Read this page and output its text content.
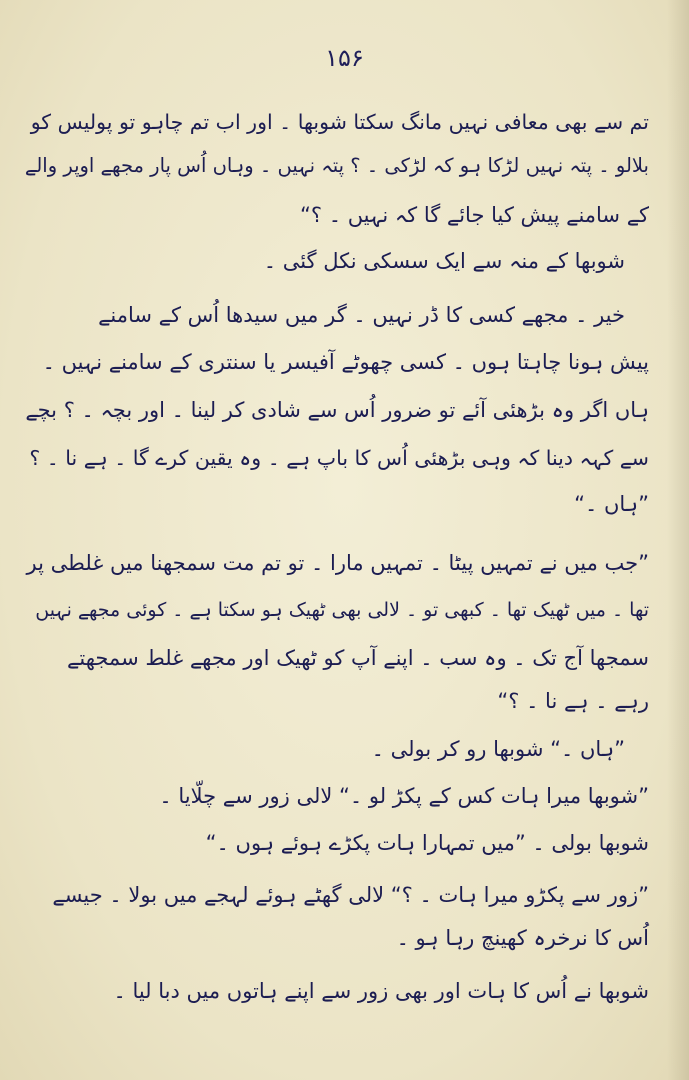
۱۵۶
تم سے بھی معافی نہیں مانگ سکتا شوبھا ۔ اور اب تم چاہو تو پولیس کو
بلالو ۔ پتہ نہیں لڑکا ہو کہ لڑکی ۔ ؟ پتہ نہیں ۔ وہاں اُس پار مجھے اوپر والے
کے سامنے پیش کیا جائے گا کہ نہیں ۔ ؟“
شوبھا کے منہ سے ایک سسکی نکل گئی ۔
خیر ۔ مجھے کسی کا ڈر نہیں ۔ گر میں سیدھا اُس کے سامنے
پیش ہونا چاہتا ہوں ۔ کسی چھوٹے آفیسر یا سنتری کے سامنے نہیں ۔
ہاں اگر وہ بڑھئی آئے تو ضرور اُس سے شادی کر لینا ۔ اور بچہ ۔ ؟ بچے
سے کہہ دینا کہ وہی بڑھئی اُس کا باپ ہے ۔ وہ یقین کرے گا ۔ ہے نا ۔ ؟
”ہاں ۔“
”جب میں نے تمہیں پیٹا ۔ تمہیں مارا ۔ تو تم مت سمجھنا میں غلطی پر
تھا ۔ میں ٹھیک تھا ۔ کبھی تو ۔ لالی بھی ٹھیک ہو سکتا ہے ۔ کوئی مجھے نہیں
سمجھا آج تک ۔ وہ سب ۔ اپنے آپ کو ٹھیک اور مجھے غلط سمجھتے
رہے ۔ ہے نا ۔ ؟“
”ہاں ۔“ شوبھا رو کر بولی ۔
”شوبھا میرا ہات کس کے پکڑ لو ۔“ لالی زور سے چلّایا ۔
شوبھا بولی ۔ ”میں تمہارا ہات پکڑے ہوئے ہوں ۔“
”زور سے پکڑو میرا ہات ۔ ؟“ لالی گھٹے ہوئے لہجے میں بولا ۔ جیسے
اُس کا نرخرہ کھینچ رہا ہو ۔
شوبھا نے اُس کا ہات اور بھی زور سے اپنے ہاتوں میں دبا لیا ۔
